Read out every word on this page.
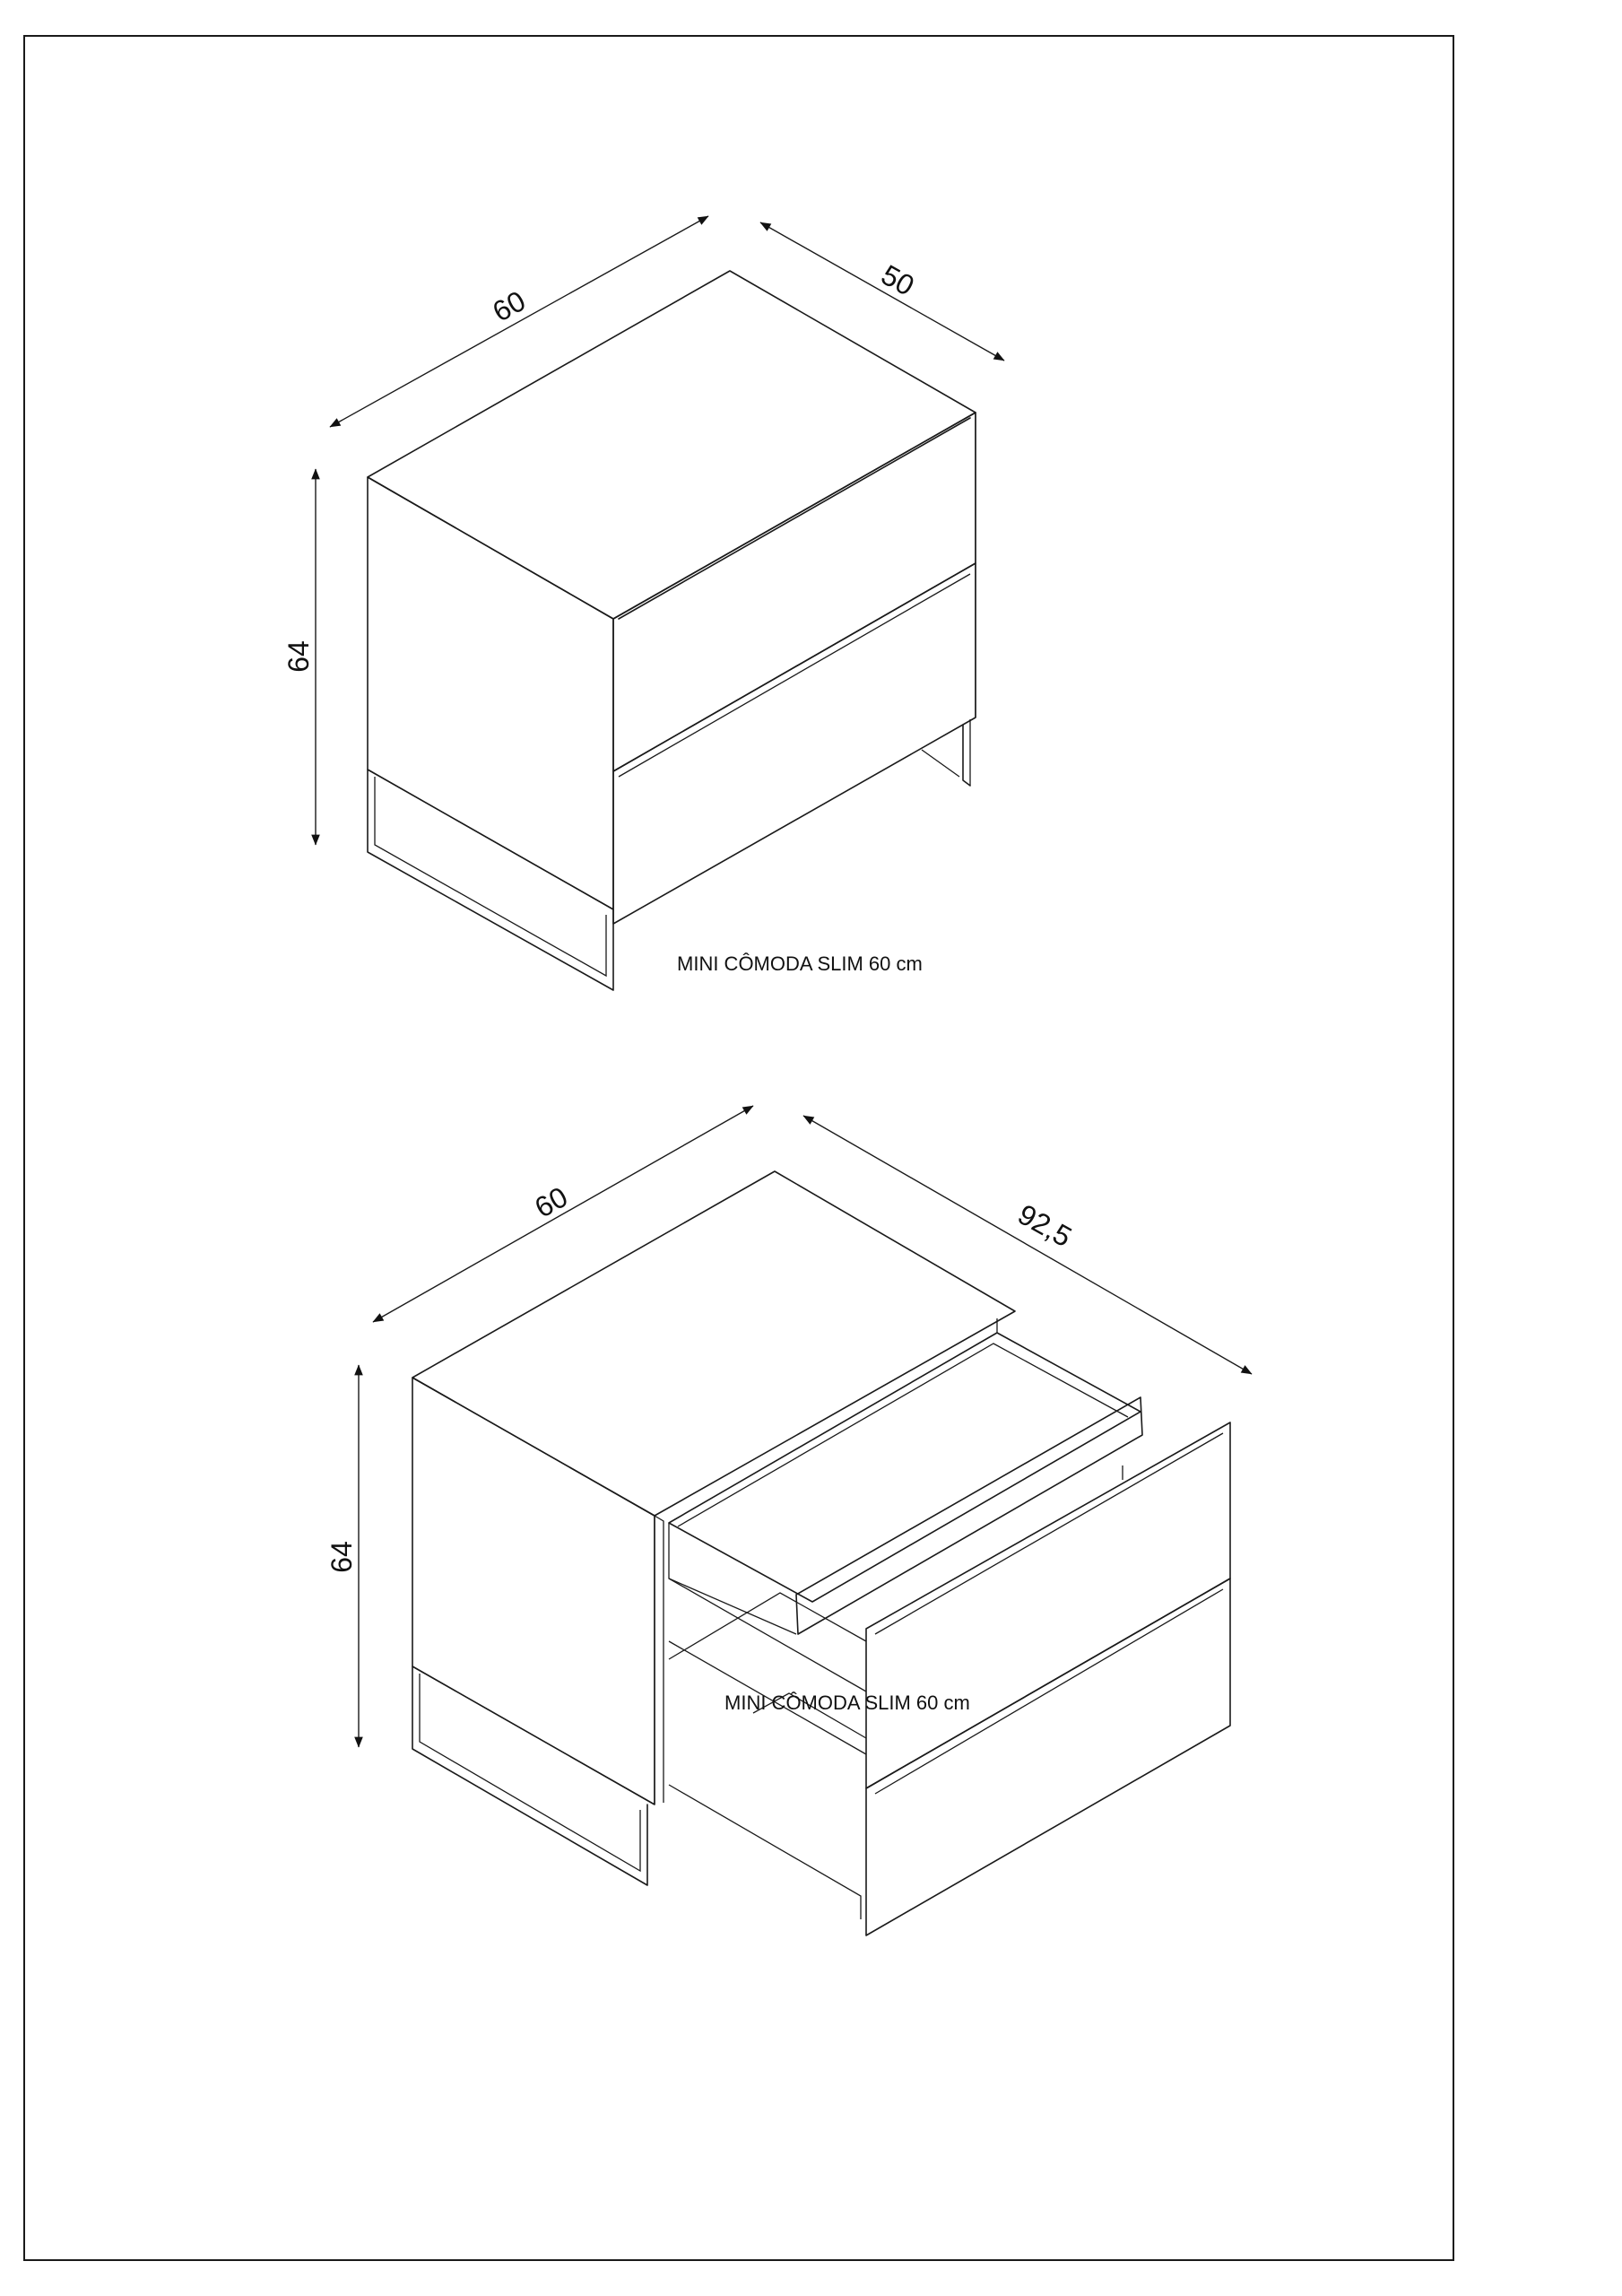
60
50
64
MINI CÔMODA SLIM 60 cm
60	92,5
64
MINI CÔMODA SLIM 60 cm
